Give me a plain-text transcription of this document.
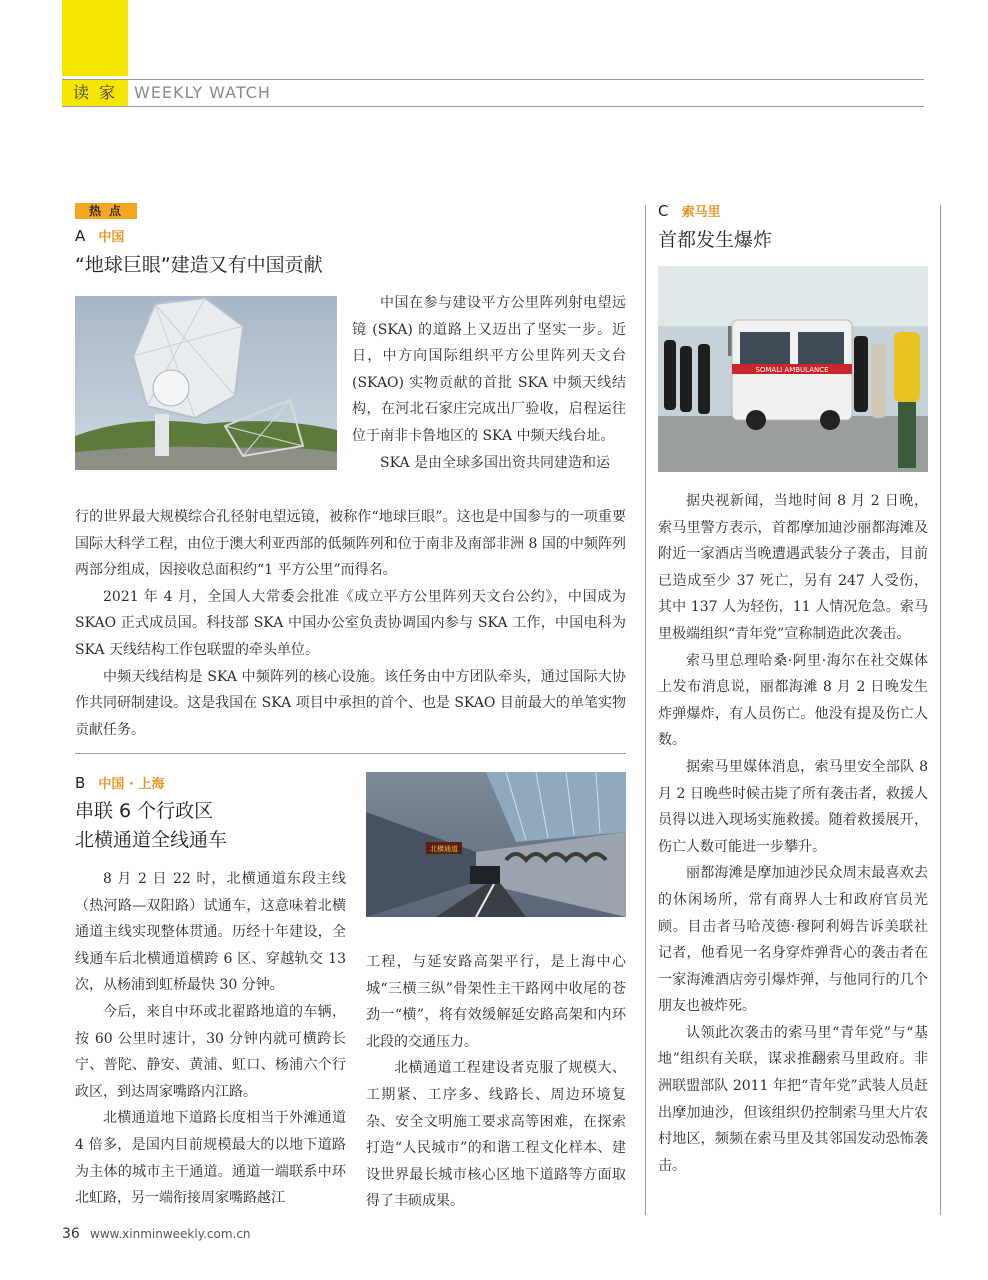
读家 WEEKLY WATCH
热点
A 中国
“地球巨眼”建造又有中国贡献

中国在参与建设平方公里阵列射电望远镜 (SKA) 的道路上又迈出了坚实一步。近日，中方向国际组织平方公里阵列天文台 (SKAO) 实物贡献的首批 SKA 中频天线结构，在河北石家庄完成出厂验收，启程运往位于南非卡鲁地区的 SKA 中频天线台址。

SKA 是由全球多国出资共同建造和运

行的世界最大规模综合孔径射电望远镜，被称作“地球巨眼”。这也是中国参与的一项重要国际大科学工程，由位于澳大利亚西部的低频阵列和位于南非及南部非洲 8 国的中频阵列两部分组成，因接收总面积约“1 平方公里”而得名。

2021 年 4 月，全国人大常委会批准《成立平方公里阵列天文台公约》，中国成为 SKAO 正式成员国。科技部 SKA 中国办公室负责协调国内参与 SKA 工作，中国电科为 SKA 天线结构工作包联盟的牵头单位。

中频天线结构是 SKA 中频阵列的核心设施。该任务由中方团队牵头，通过国际大协作共同研制建设。这是我国在 SKA 项目中承担的首个、也是 SKAO 目前最大的单笔实物贡献任务。

B 中国 · 上海
串联 6 个行政区
北横通道全线通车	北横通道

8 月 2 日 22 时，北横通道东段主线（热河路—双阳路）试通车，这意味着北横通道主线实现整体贯通。历经十年建设，全线通车后北横通道横跨 6 区、穿越轨交 13 次，从杨浦到虹桥最快 30 分钟。

今后，来自中环或北翟路地道的车辆，按 60 公里时速计，30 分钟内就可横跨长宁、普陀、静安、黄浦、虹口、杨浦六个行政区，到达周家嘴路内江路。

北横通道地下道路长度相当于外滩通道 4 倍多，是国内目前规模最大的以地下道路为主体的城市主干通道。通道一端联系中环北虹路，另一端衔接周家嘴路越江

工程，与延安路高架平行，是上海中心城“三横三纵”骨架性主干路网中收尾的苍劲一“横”，将有效缓解延安路高架和内环北段的交通压力。

北横通道工程建设者克服了规模大、工期紧、工序多、线路长、周边环境复杂、安全文明施工要求高等困难，在探索打造“人民城市”的和谐工程文化样本、建设世界最长城市核心区地下道路等方面取得了丰硕成果。

C 索马里
首都发生爆炸
SOMALI AMBULANCE

据央视新闻，当地时间 8 月 2 日晚，索马里警方表示，首都摩加迪沙丽都海滩及附近一家酒店当晚遭遇武装分子袭击，目前已造成至少 37 死亡，另有 247 人受伤，其中 137 人为轻伤，11 人情况危急。索马里极端组织“青年党”宣称制造此次袭击。

索马里总理哈桑·阿里·海尔在社交媒体上发布消息说，丽都海滩 8 月 2 日晚发生炸弹爆炸，有人员伤亡。他没有提及伤亡人数。

据索马里媒体消息，索马里安全部队 8 月 2 日晚些时候击毙了所有袭击者，救援人员得以进入现场实施救援。随着救援展开，伤亡人数可能进一步攀升。

丽都海滩是摩加迪沙民众周末最喜欢去的休闲场所，常有商界人士和政府官员光顾。目击者马哈茂德·穆阿利姆告诉美联社记者，他看见一名身穿炸弹背心的袭击者在一家海滩酒店旁引爆炸弹，与他同行的几个朋友也被炸死。

认领此次袭击的索马里“青年党”与“基地”组织有关联，谋求推翻索马里政府。非洲联盟部队 2011 年把“青年党”武装人员赶出摩加迪沙，但该组织仍控制索马里大片农村地区，频频在索马里及其邻国发动恐怖袭击。

36 www.xinminweekly.com.cn
